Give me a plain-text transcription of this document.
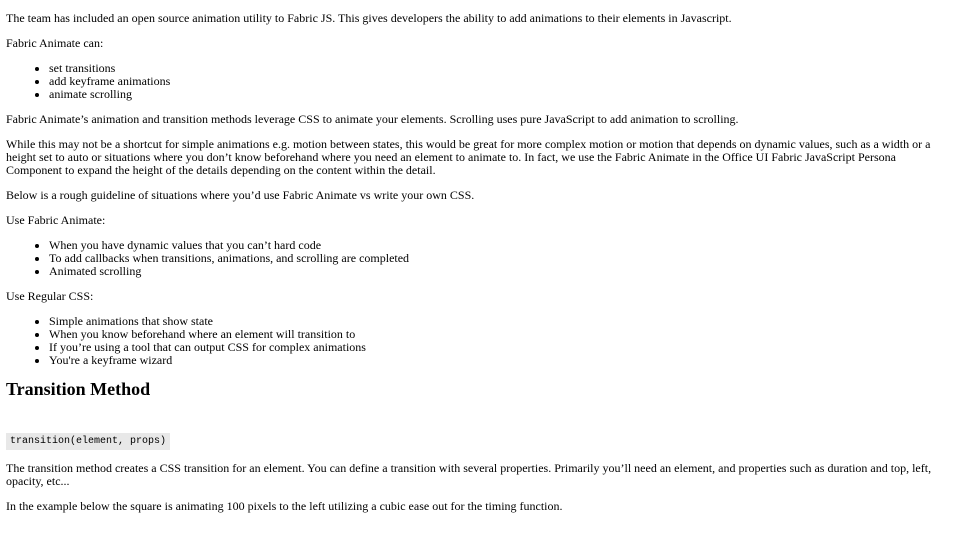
The team has included an open source animation utility to Fabric JS. This gives developers the ability to add animations to their elements in Javascript.

Fabric Animate can:

• set transitions
• add keyframe animations
• animate scrolling

Fabric Animate’s animation and transition methods leverage CSS to animate your elements. Scrolling uses pure JavaScript to add animation to scrolling.

While this may not be a shortcut for simple animations e.g. motion between states, this would be great for more complex motion or motion that depends on dynamic values, such as a width or a height set to auto or situations where you don’t know beforehand where you need an element to animate to. In fact, we use the Fabric Animate in the Office UI Fabric JavaScript Persona Component to expand the height of the details depending on the content within the detail.

Below is a rough guideline of situations where you’d use Fabric Animate vs write your own CSS.

Use Fabric Animate:

• When you have dynamic values that you can’t hard code
• To add callbacks when transitions, animations, and scrolling are completed
• Animated scrolling

Use Regular CSS:

• Simple animations that show state
• When you know beforehand where an element will transition to
• If you’re using a tool that can output CSS for complex animations
• You're a keyframe wizard
Transition Method
transition(element, props)

The transition method creates a CSS transition for an element. You can define a transition with several properties. Primarily you’ll need an element, and properties such as duration and top, left, opacity, etc...

In the example below the square is animating 100 pixels to the left utilizing a cubic ease out for the timing function.
